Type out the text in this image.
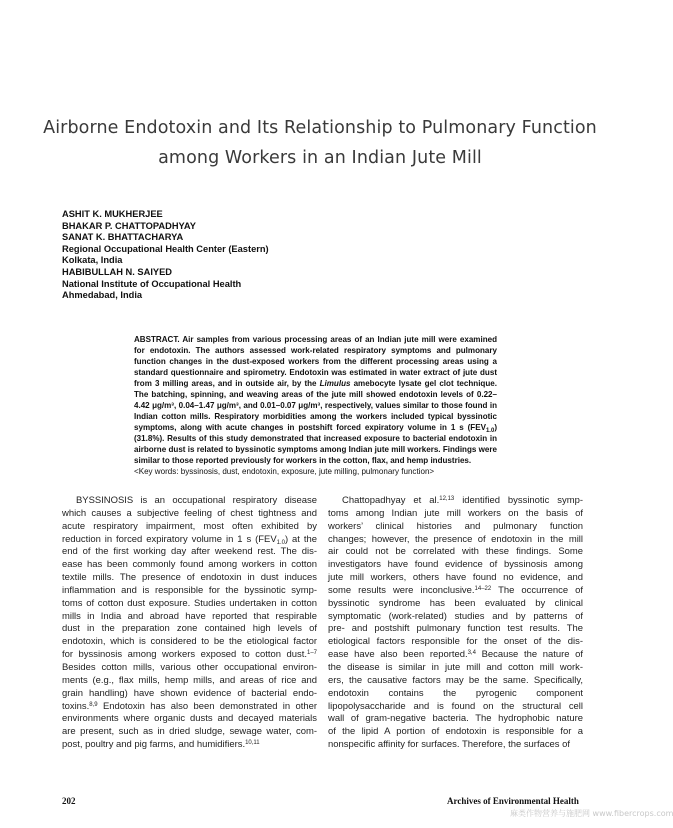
Airborne Endotoxin and Its Relationship to Pulmonary Function
among Workers in an Indian Jute Mill
ASHIT K. MUKHERJEE
BHAKAR P. CHATTOPADHYAY
SANAT K. BHATTACHARYA
Regional Occupational Health Center (Eastern)
Kolkata, India
HABIBULLAH N. SAIYED
National Institute of Occupational Health
Ahmedabad, India
ABSTRACT. Air samples from various processing areas of an Indian jute mill were examined for endotoxin. The authors assessed work-related respiratory symptoms and pulmonary function changes in the dust-exposed workers from the different processing areas using a standard questionnaire and spirometry. Endotoxin was estimated in water extract of jute dust from 3 milling areas, and in outside air, by the Limulus amebocyte lysate gel clot technique. The batching, spinning, and weaving areas of the jute mill showed endotoxin levels of 0.22–4.42 μg/m³, 0.04–1.47 μg/m³, and 0.01–0.07 μg/m³, respectively, values similar to those found in Indian cotton mills. Respiratory morbidities among the workers included typical byssinotic symptoms, along with acute changes in postshift forced expiratory volume in 1 s $(FEV_{1.0})$ (31.8%). Results of this study demonstrated that increased exposure to bacterial endotoxin in airborne dust is related to byssinotic symptoms among Indian jute mill workers. Findings were similar to those reported previously for workers in the cotton, flax, and hemp industries.
<Key words: byssinosis, dust, endotoxin, exposure, jute milling, pulmonary function>
BYSSINOSIS is an occupational respiratory disease
which causes a subjective feeling of chest tightness and
acute respiratory impairment, most often exhibited by
reduction in forced expiratory volume in 1 s $(FEV_{1.0})$ at the
end of the first working day after weekend rest. The dis-
ease has been commonly found among workers in cotton
textile mills. The presence of endotoxin in dust induces
inflammation and is responsible for the byssinotic symp-
toms of cotton dust exposure. Studies undertaken in cotton
mills in India and abroad have reported that respirable
dust in the preparation zone contained high levels of
endotoxin, which is considered to be the etiological factor
for byssinosis among workers exposed to cotton dust.$^{1-7}$
Besides cotton mills, various other occupational environ-
ments (e.g., flax mills, hemp mills, and areas of rice and
grain handling) have shown evidence of bacterial endo-
toxins.$^{8,9}$ Endotoxin has also been demonstrated in other
environments where organic dusts and decayed materials
are present, such as in dried sludge, sewage water, com-
post, poultry and pig farms, and humidifiers.$^{10,11}$
Chattopadhyay et al.$^{12,13}$ identified byssinotic symp-
toms among Indian jute mill workers on the basis of
workers’ clinical histories and pulmonary function
changes; however, the presence of endotoxin in the mill
air could not be correlated with these findings. Some
investigators have found evidence of byssinosis among
jute mill workers, others have found no evidence, and
some results were inconclusive.$^{14-22}$ The occurrence of
byssinotic syndrome has been evaluated by clinical
symptomatic (work-related) studies and by patterns of
pre- and postshift pulmonary function test results. The
etiological factors responsible for the onset of the dis-
ease have also been reported.$^{3,4}$ Because the nature of
the disease is similar in jute mill and cotton mill work-
ers, the causative factors may be the same. Specifically,
endotoxin contains the pyrogenic component
lipopolysaccharide and is found on the structural cell
wall of gram-negative bacteria. The hydrophobic nature
of the lipid A portion of endotoxin is responsible for a
nonspecific affinity for surfaces. Therefore, the surfaces of
202	Archives of Environmental Health
麻类作物营养与施肥网 www.fibercrops.com
